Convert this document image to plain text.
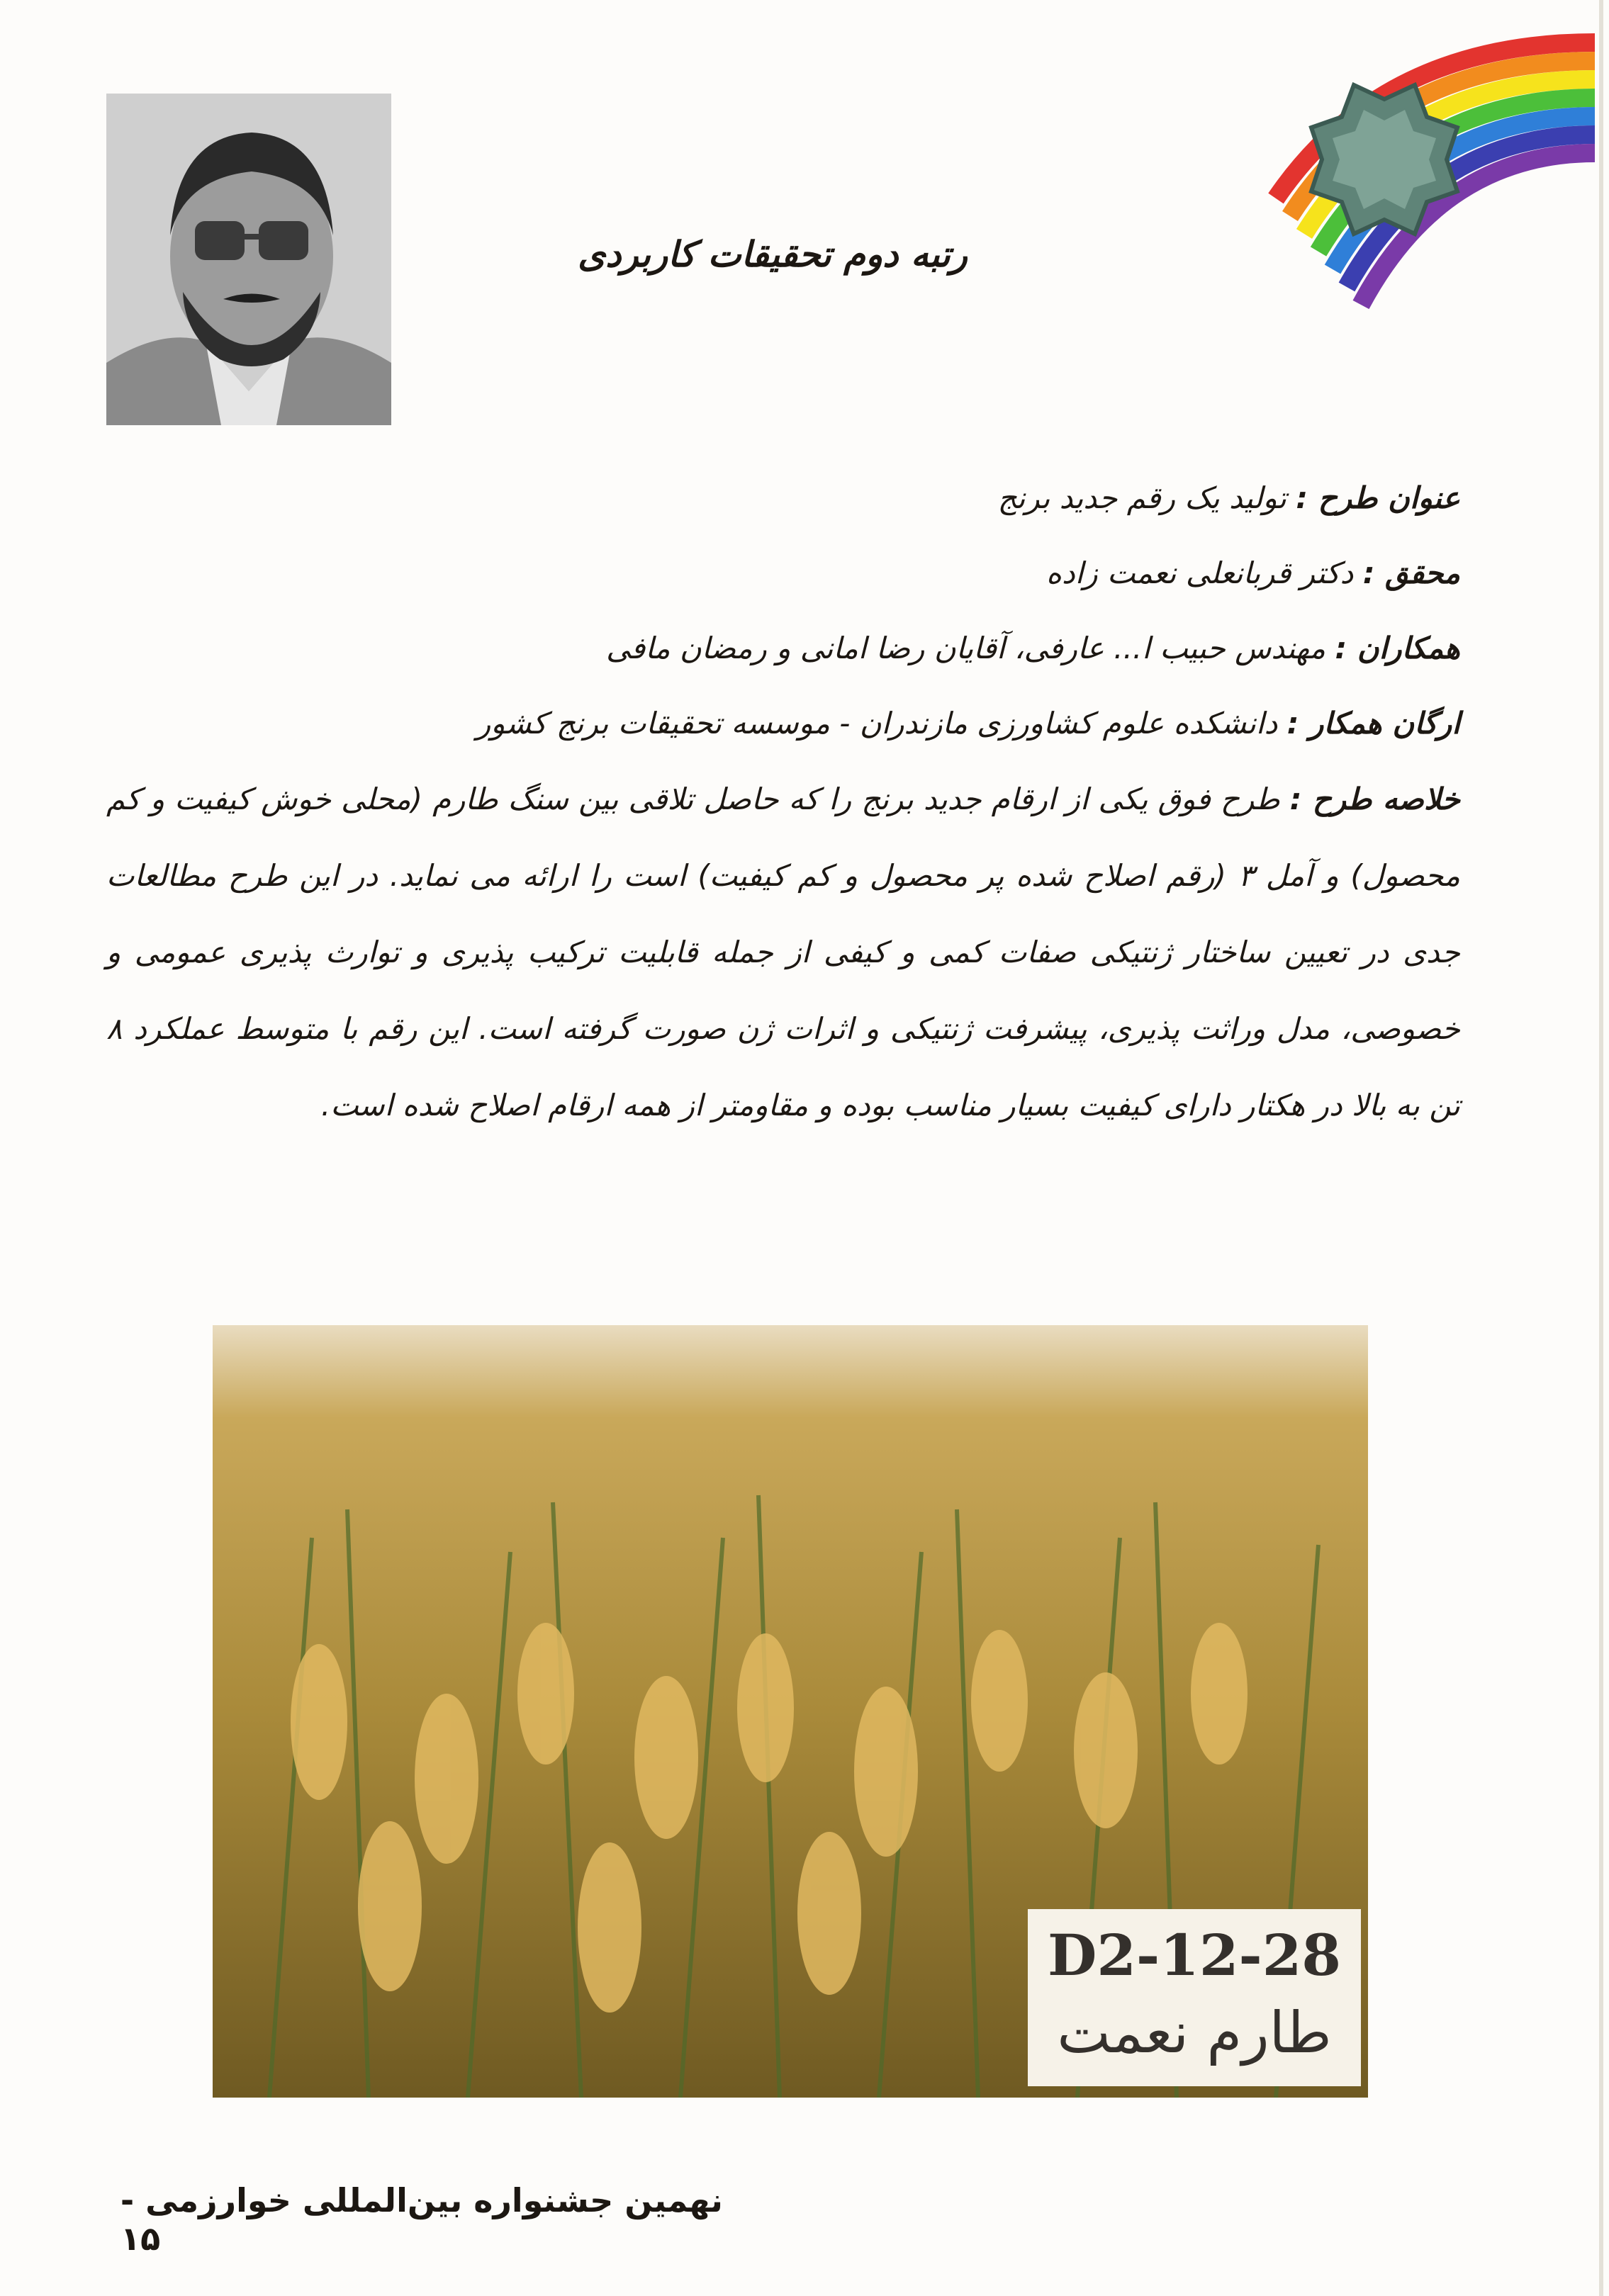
رتبه دوم تحقیقات کاربردی
عنوان طرح : تولید یک رقم جدید برنج
محقق : دکتر قربانعلی نعمت زاده
همکاران : مهندس حبیب ا... عارفی، آقایان رضا امانی و رمضان مافی
ارگان همکار : دانشکده علوم کشاورزی مازندران - موسسه تحقیقات برنج کشور
خلاصه طرح : طرح فوق یکی از ارقام جدید برنج را که حاصل تلاقی بین سنگ طارم (محلی خوش کیفیت و کم محصول) و آمل ۳ (رقم اصلاح شده پر محصول و کم کیفیت) است را ارائه می نماید. در این طرح مطالعات جدی در تعیین ساختار ژنتیکی صفات کمی و کیفی از جمله قابلیت ترکیب پذیری و توارث پذیری عمومی و خصوصی، مدل وراثت پذیری، پیشرفت ژنتیکی و اثرات ژن صورت گرفته است. این رقم با متوسط عملکرد ۸ تن به بالا در هکتار دارای کیفیت بسیار مناسب بوده و مقاومتر از همه ارقام اصلاح شده است.
D2-12-28
طارم نعمت
نهمین جشنواره بین‌المللی خوارزمی - ۱۵
